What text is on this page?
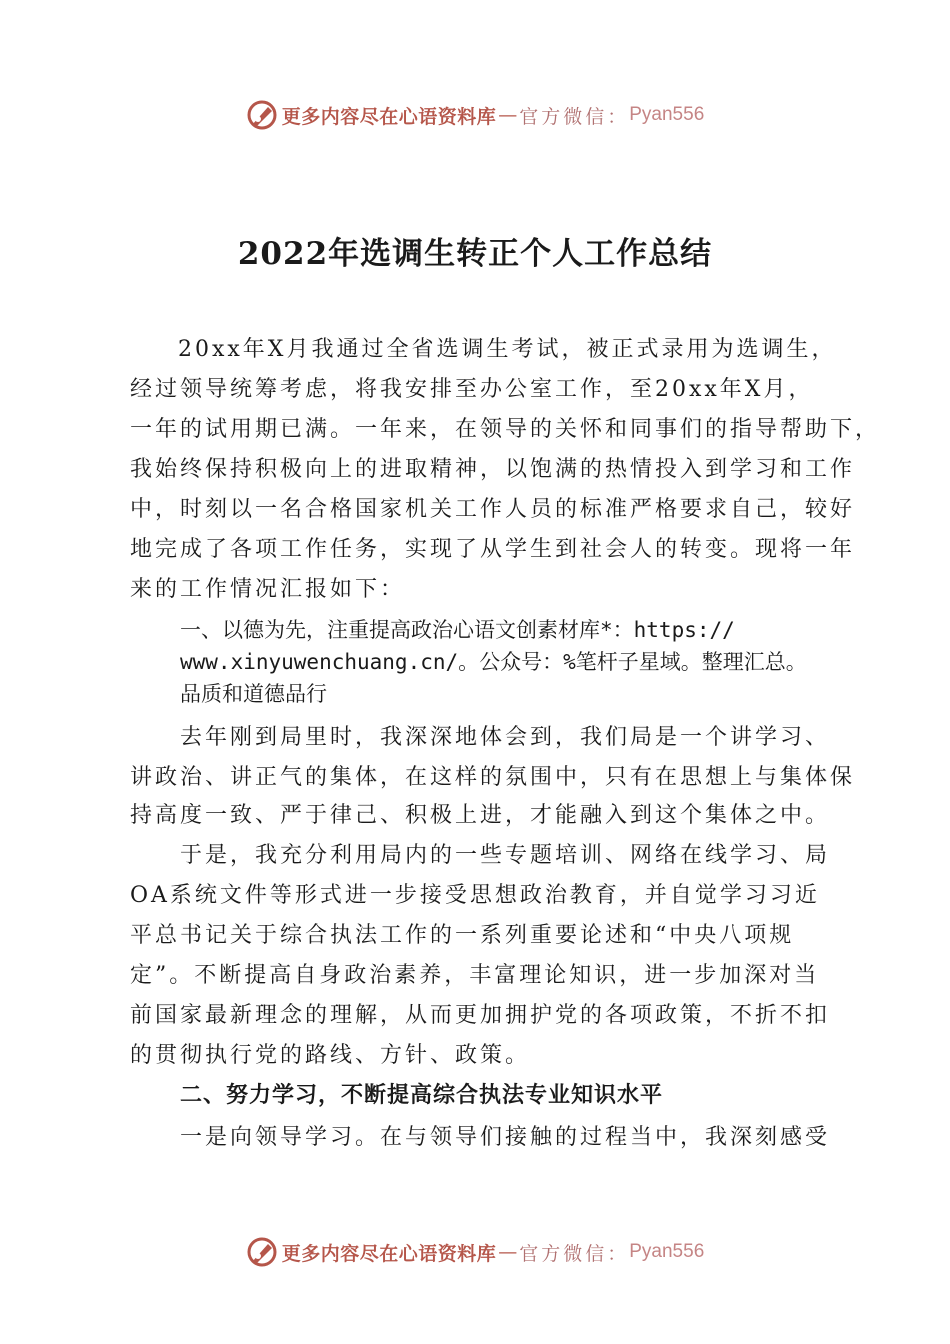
更多内容尽在心语资料库 — 官方微信： Pyan556
2022年选调生转正个人工作总结
20xx年X月我通过全省选调生考试，被正式录用为选调生，
经过领导统筹考虑，将我安排至办公室工作，至20xx年X月，
一年的试用期已满。一年来，在领导的关怀和同事们的指导帮助下，
我始终保持积极向上的进取精神，以饱满的热情投入到学习和工作
中，时刻以一名合格国家机关工作人员的标准严格要求自己，较好
地完成了各项工作任务，实现了从学生到社会人的转变。现将一年
来的工作情况汇报如下：
一、以德为先，注重提高政治心语文创素材库*：https://
www.xinyuwenchuang.cn/。公众号：%笔杆子星域。整理汇总。
品质和道德品行
去年刚到局里时，我深深地体会到，我们局是一个讲学习、
讲政治、讲正气的集体，在这样的氛围中，只有在思想上与集体保
持高度一致、严于律己、积极上进，才能融入到这个集体之中。
于是，我充分利用局内的一些专题培训、网络在线学习、局
OA系统文件等形式进一步接受思想政治教育，并自觉学习习近
平总书记关于综合执法工作的一系列重要论述和“中央八项规
定”。不断提高自身政治素养，丰富理论知识，进一步加深对当
前国家最新理念的理解，从而更加拥护党的各项政策，不折不扣
的贯彻执行党的路线、方针、政策。
二、努力学习，不断提高综合执法专业知识水平
一是向领导学习。在与领导们接触的过程当中，我深刻感受
更多内容尽在心语资料库 — 官方微信： Pyan556
